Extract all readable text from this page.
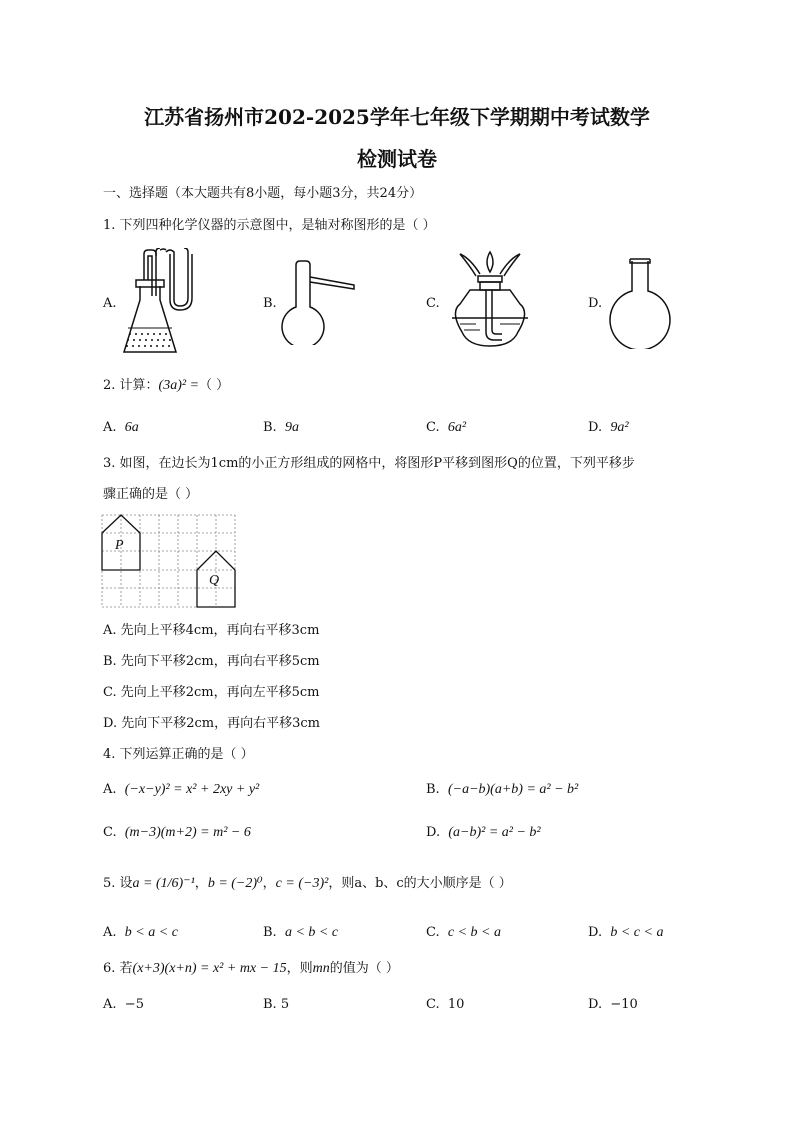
江苏省扬州市202-2025学年七年级下学期期中考试数学
检测试卷
一、选择题（本大题共有8小题，每小题3分，共24分）
1. 下列四种化学仪器的示意图中，是轴对称图形的是（ ）
A.	B.	C.	D.
2. 计算：(3a)² =（ ）
A. 6a	B. 9a	C. 6a²	D. 9a²
3. 如图，在边长为1cm的小正方形组成的网格中，将图形P平移到图形Q的位置，下列平移步
骤正确的是（ ）
P
Q
A. 先向上平移4cm，再向右平移3cm
B. 先向下平移2cm，再向右平移5cm
C. 先向上平移2cm，再向左平移5cm
D. 先向下平移2cm，再向右平移3cm
4. 下列运算正确的是（ ）
A. (−x−y)² = x² + 2xy + y²	B. (−a−b)(a+b) = a² − b²
C. (m−3)(m+2) = m² − 6	D. (a−b)² = a² − b²
5. 设a = (1/6)⁻¹，b = (−2)⁰，c = (−3)²，则a、b、c的大小顺序是（ ）
A. b < a < c	B. a < b < c	C. c < b < a	D. b < c < a
6. 若(x+3)(x+n) = x² + mx − 15，则mn的值为（ ）
A. −5	B. 5	C. 10	D. −10
